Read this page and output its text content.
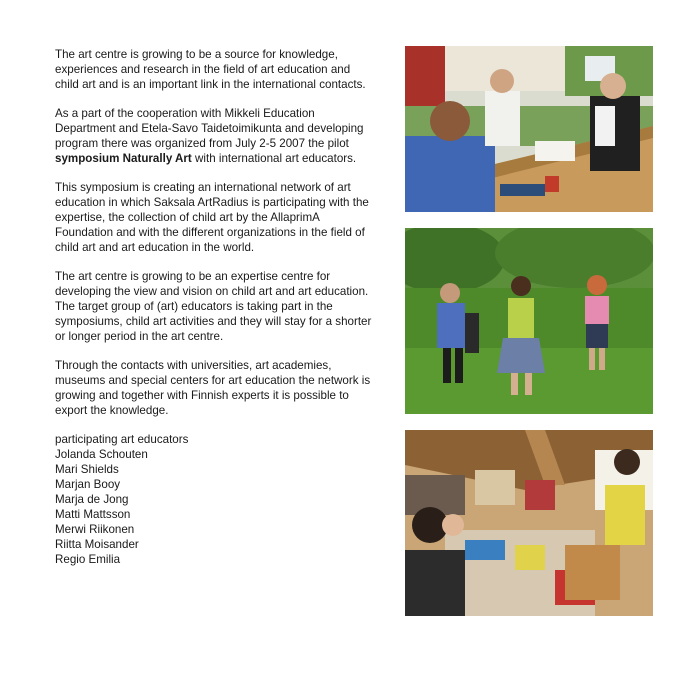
The art centre is growing to be a source for knowledge, experiences and research in the field of art education and child art and is an important link in the international contacts.

As a part of the cooperation with Mikkeli Education Department and Etela-Savo Taidetoimikunta and developing program there was organized from July 2-5 2007 the pilot symposium Naturally Art with international art educators.

This symposium is creating an international network of art education in which Saksala ArtRadius is participating with the expertise, the collection of child art by the AllaprimA Foundation and with the different organizations in the field of child art and art education in the world.

The art centre is growing to be an expertise centre for developing the view and vision on child art and art education. The target group of (art) educators is taking part in the symposiums, child art activities and they will stay for a shorter or longer period in the art centre.

Through the contacts with universities, art academies, museums and special centers for art education the network is growing and together with Finnish experts it is possible to export the knowledge.

participating art educators
Jolanda Schouten
Mari Shields
Marjan Booy
Marja de Jong
Matti Mattsson
Merwi Riikonen
Riitta Moisander
Regio Emilia
